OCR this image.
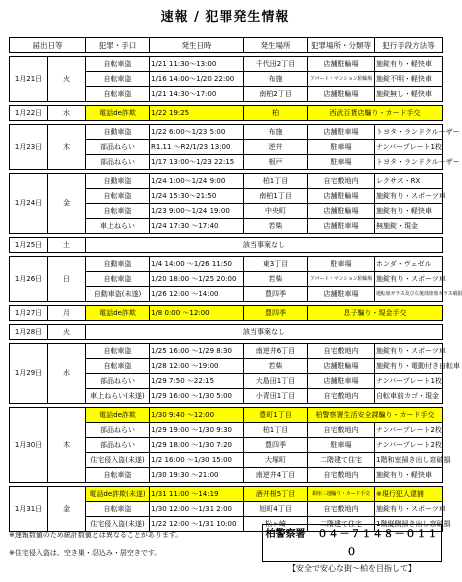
速報 / 犯罪発生情報
届出日等		犯罪・手口	発生日時	発生場所	犯罪場所・分類等	犯行手段方法等

1月21日	火	自転車盗	1/21 11:30～13:00	千代田2丁目	店舗駐輪場	施錠有り・軽快車
		自転車盗	1/16 14:00～1/20 22:00	布施	アパート・マンション駐輪場	施錠不明・軽快車
		自転車盗	1/21 14:30～17:00	南柏2丁目	店舗駐輪場	施錠無し・軽快車

1月22日	水	電話de詐欺	1/22 19:25	柏	西武百貨店騙り・カード手交	

1月23日	木	自動車盗	1/22 6:00～1/23 5:00	布施	店舗駐車場	トヨタ・ランドクルーザー
		部品ねらい	R1.11 ～R2/1/23 13:00	逆井	駐車場	ナンバープレート1枚
		部品ねらい	1/17 13:00～1/23 22:15	根戸	駐車場	トヨタ・ランドクルーザー

1月24日	金	自動車盗	1/24 1:00～1/24 9:00	柏1丁目	自宅敷地内	レクサス・RX
		自転車盗	1/24 15:30～21:50	南柏1丁目	店舗駐輪場	施錠有り・スポーツ車
		自転車盗	1/23 9:00～1/24 19:00	中央町	店舗駐輪場	施錠有り・軽快車
		車上ねらい	1/24 17:30 ～17:40	若柴	店舗駐車場	無施錠・現金

1月25日	土	該当事案なし				

1月26日	日	自動車盗	1/4 14:00 ～1/26 11:50	東3丁目	駐車場	ホンダ・ヴェゼル
		自転車盗	1/20 18:00 ～1/25 20:00	若柴	アパート・マンション駐輪場	施錠有り・スポーツ車
		自動車盗(未遂)	1/26 12:00 ～14:00	豊四季	店舗駐車場	運転席ガラス及び左後部座席ガラス破損

1月27日	月	電話de詐欺	1/8 0:00 ～12:00	豊四季	息子騙り・現金手交	

1月28日	火	該当事案なし				

1月29日	水	自転車盗	1/25 16:00 ～1/29 8:30	南逆井6丁目	自宅敷地内	施錠有り・スポーツ車
		自転車盗	1/28 12:00 ～19:00	若柴	店舗駐輪場	施錠有り・電動付き自転車
		部品ねらい	1/29 7:50 ～22:15	大島田1丁目	店舗駐車場	ナンバープレート1枚
		車上ねらい(未遂)	1/29 16:00 ～1/30 5:00	小青田1丁目	自宅敷地内	自転車前カゴ・現金

1月30日	木	電話de詐欺	1/30 9:40 ～12:00	豊町1丁目	柏警察署生活安全課騙り・カード手交	
		部品ねらい	1/29 19:00 ～1/30 9:30	柏1丁目	自宅敷地内	ナンバープレート2枚
		部品ねらい	1/29 18:00 ～1/30 7:20	豊四季	駐車場	ナンバープレート2枚
		住宅侵入盗(未遂)	1/2 16:00 ～1/30 15:00	大塚町	二階建て住宅	1階和室掃き出し窓破損
		自転車盗	1/30 19:30 ～21:00	南逆井4丁目	自宅敷地内	施錠有り・軽快車

1月31日	金	電話de詐欺(未遂)	1/31 11:00 ～14:19	酒井根5丁目	銀座三越騙り・カード手交	※現行犯人逮捕
		自転車盗	1/30 12:00 ～1/31 2:00	旭町4丁目	自宅敷地内	施錠有り・スポーツ車
		住宅侵入盗(未遂)	1/22 12:00 ～1/31 10:00	松ヶ崎	二階建て住宅	1階縦側掃き出し窓破損
※速報数値のため統計数値とは異なることがあります。
※住宅侵入盗は、空き巣・忍込み・居空きです。
柏警察署 ０４－７１４８－０１１０
【安全で安心な街～柏を目指して】
